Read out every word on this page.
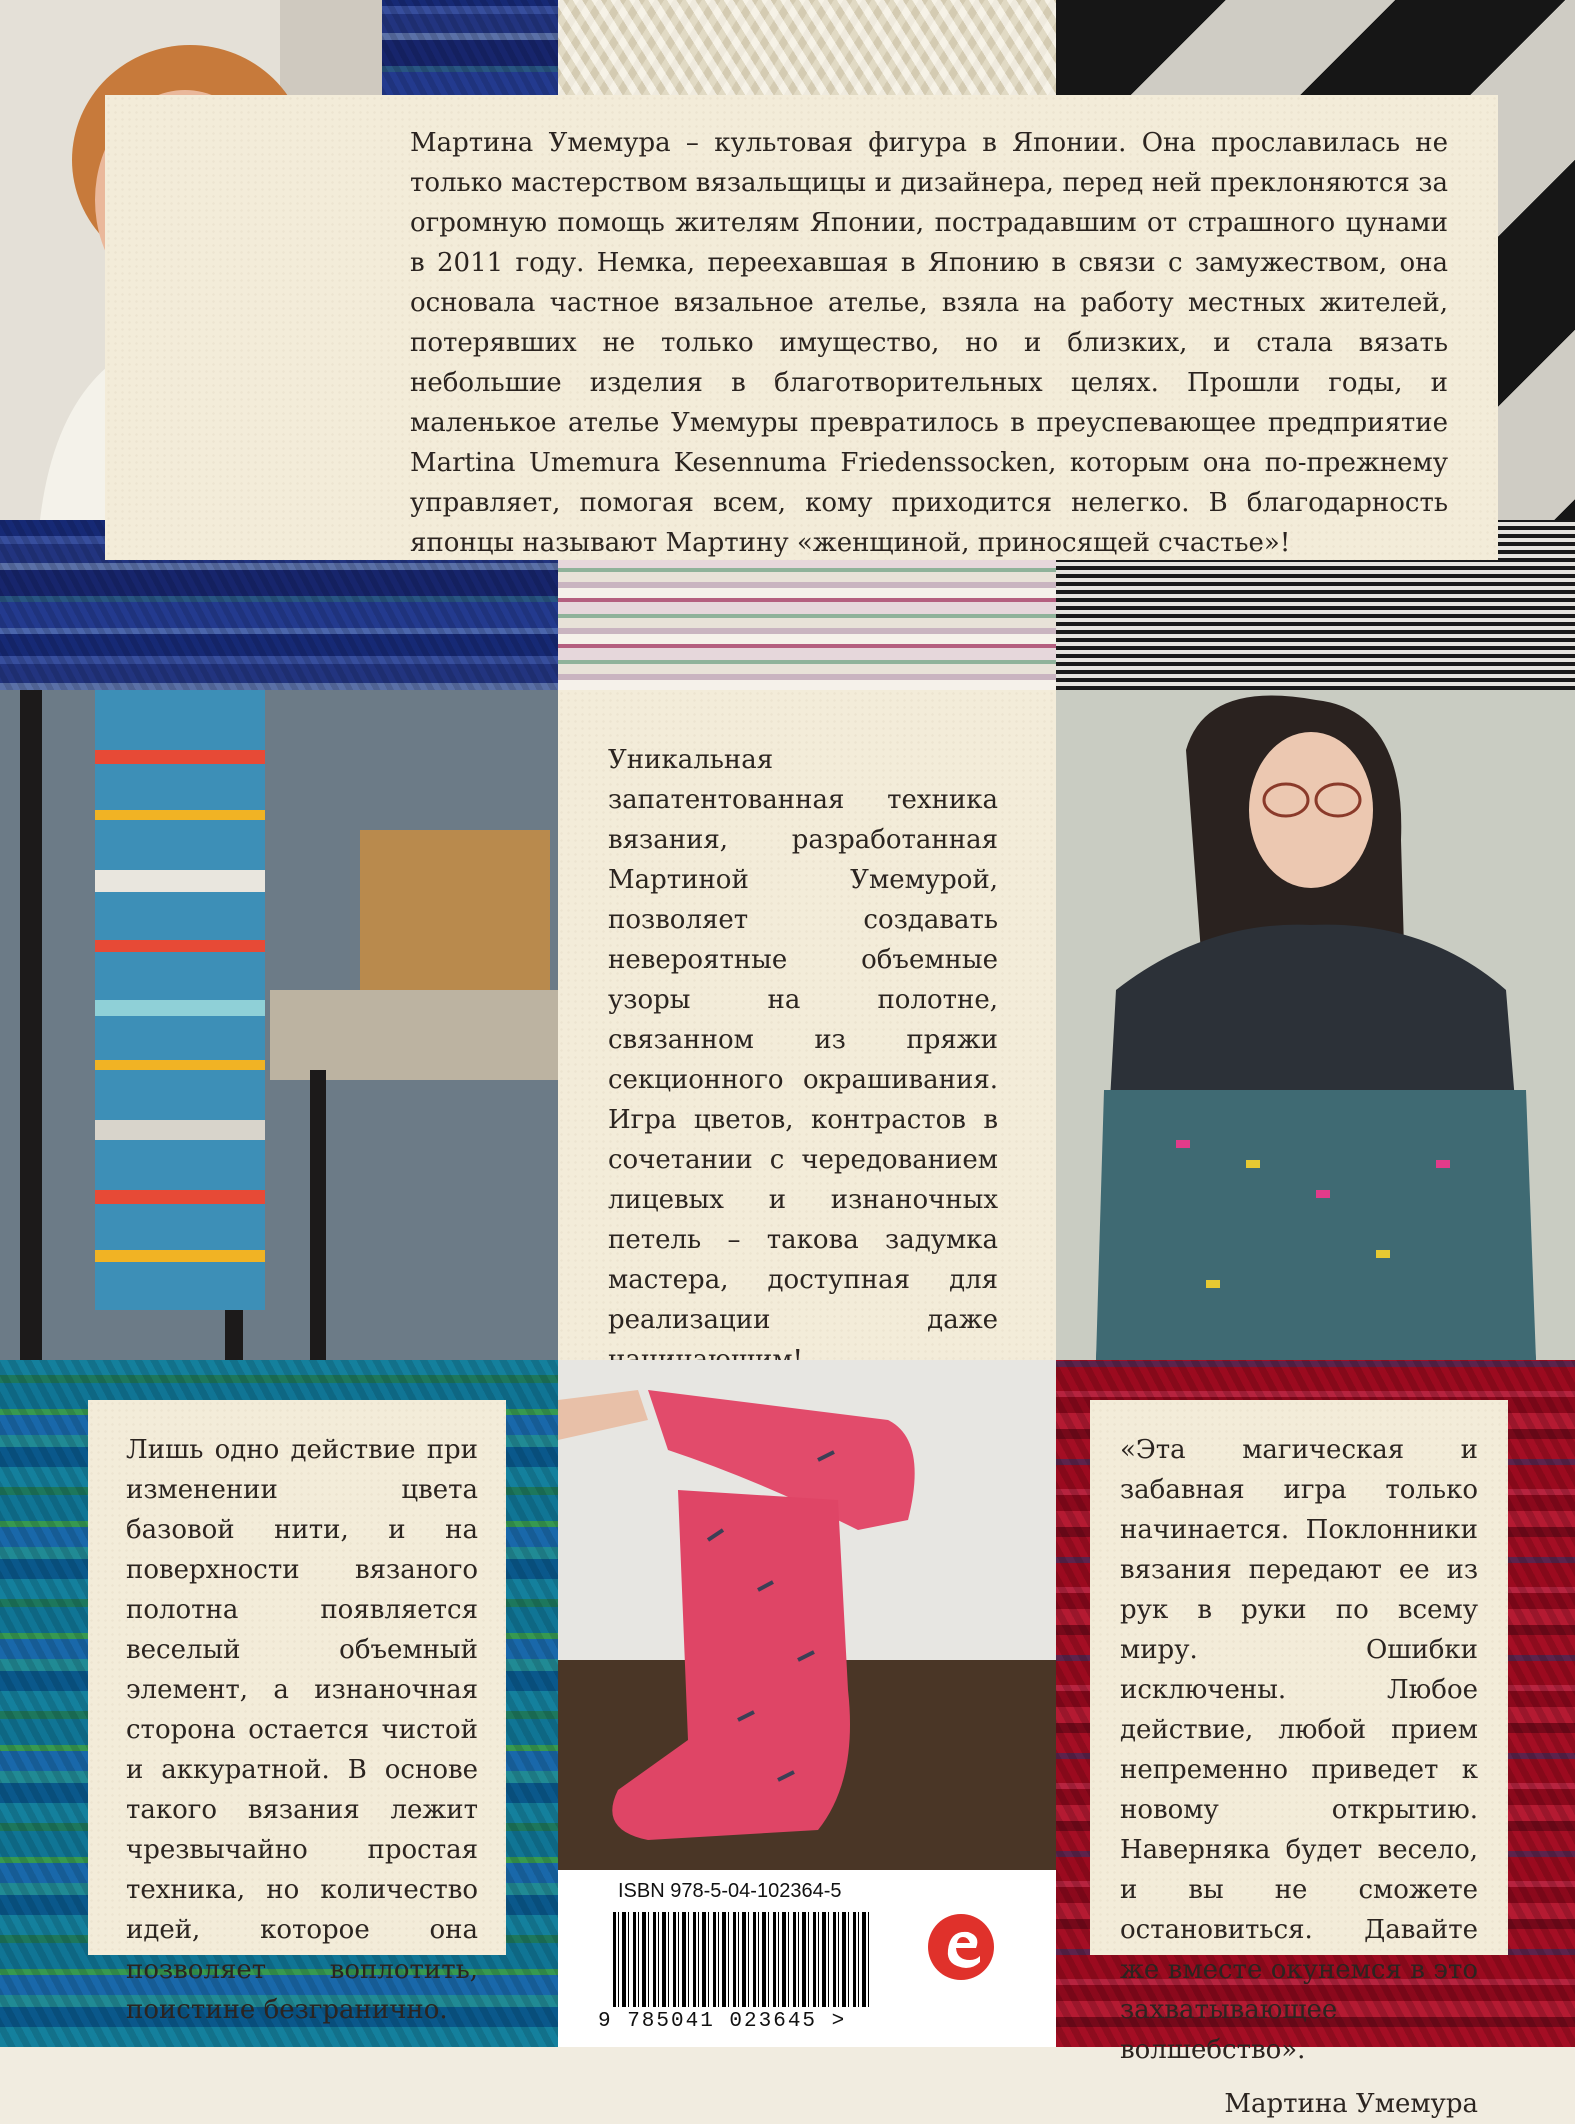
Мартина Умемура – культовая фигура в Японии. Она прославилась не только мастерством вязальщицы и дизайнера, перед ней преклоняются за огромную помощь жителям Японии, пострадавшим от страшного цунами в 2011 году. Немка, переехавшая в Японию в связи с замужеством, она основала частное вязальное ателье, взяла на работу местных жителей, потерявших не только имущество, но и близких, и стала вязать небольшие изделия в благотворительных целях. Прошли годы, и маленькое ателье Умемуры превратилось в преуспевающее предприятие Martina Umemura Kesennuma Friedenssocken, которым она по-прежнему управляет, помогая всем, кому приходится нелегко. В благодарность японцы называют Мартину «женщиной, приносящей счастье»!

Уникальная запатентованная техника вязания, разработанная Мартиной Умемурой, позволяет создавать невероятные объемные узоры на полотне, связанном из пряжи секционного окрашивания. Игра цветов, контрастов в сочетании с чередованием лицевых и изнаночных петель – такова задумка мастера, доступная для реализации даже

Лишь одно действие при изменении цвета базовой нити, и на поверхности вязаного полотна появляется веселый объемный элемент, а изнаночная сторона остается чистой и аккуратной. В основе такого вязания лежит чрезвычайно простая техника, но количество идей, которое она позволяет воплотить, поистине безгранично.

ISBN 978-5-04-102364-5
9 785041 023645 >

«Эта магическая и забавная игра только начинается. Поклонники вязания передают ее из рук в руки по всему миру. Ошибки исключены. Любое действие, любой прием непременно приведет к новому открытию. Наверняка будет весело, и вы не сможете остановиться. Давайте же вместе окунемся в это захватывающее волшебство».

Мартина Умемура
